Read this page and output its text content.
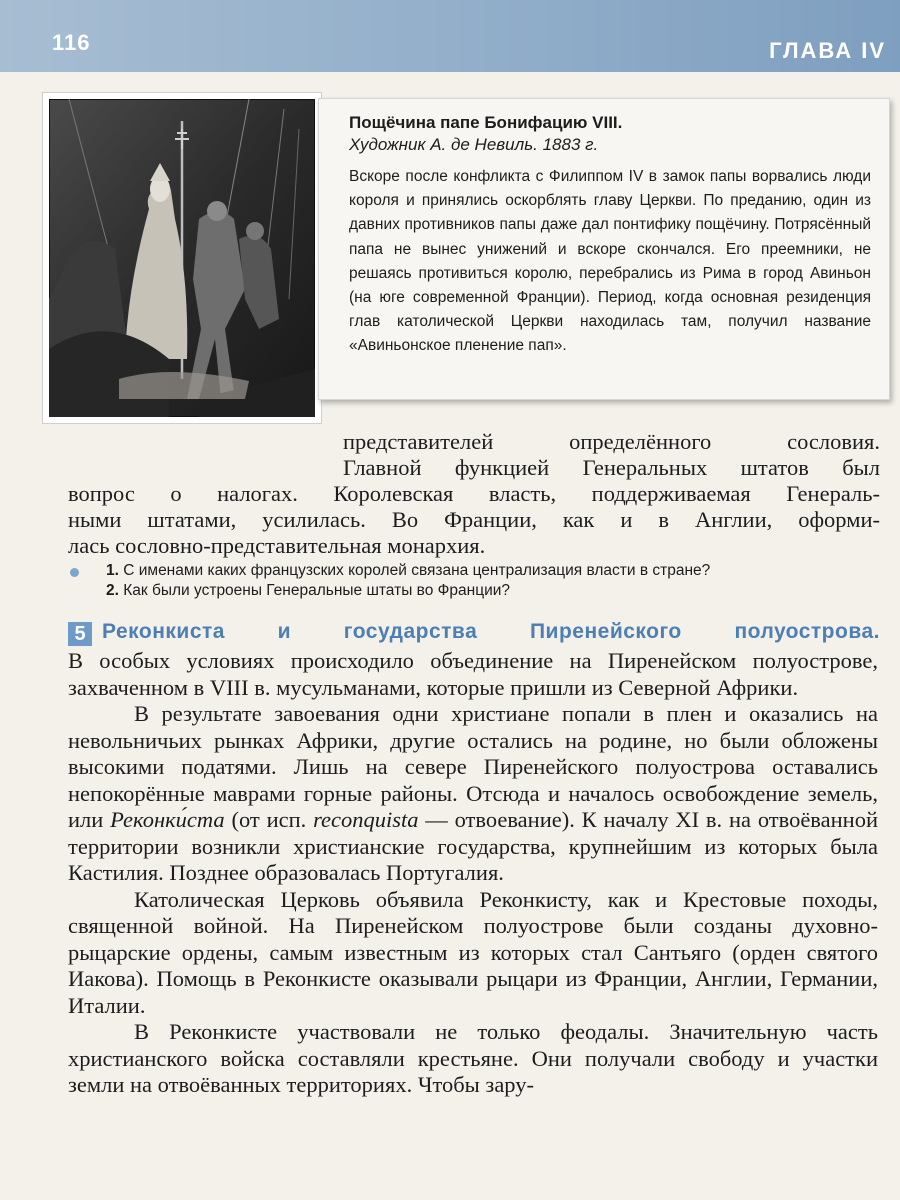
116	ГЛАВА IV
Пощёчина папе Бонифацию VIII.
Художник А. де Невиль. 1883 г.
Вскоре после конфликта с Филиппом IV в замок папы ворвались люди короля и принялись оскорблять главу Церкви. По преданию, один из давних противников папы даже дал понтифику пощёчину. Потрясённый папа не вынес унижений и вскоре скончался. Его преемники, не решаясь противиться королю, перебрались из Рима в город Авиньон (на юге современной Франции). Период, когда основная резиденция глав католической Церкви находилась там, получил название «Авиньонское пленение пап».
представителей определённого сословия.
Главной функцией Генеральных штатов был
вопрос о налогах. Королевская власть, поддерживаемая Генераль-
ными штатами, усилилась. Во Франции, как и в Англии, оформи-
лась сословно-представительная монархия.
1. С именами каких французских королей связана централизация власти в стране?
2. Как были устроены Генеральные штаты во Франции?
5 Реконкиста и государства Пиренейского полуострова.

В особых условиях происходило объединение на Пиренейском полуострове, захваченном в VIII в. мусульманами, которые пришли из Северной Африки.

В результате завоевания одни христиане попали в плен и оказались на невольничьих рынках Африки, другие остались на родине, но были обложены высокими податями. Лишь на севере Пиренейского полуострова оставались непокорённые маврами горные районы. Отсюда и началось освобождение земель, или Реконки́ста (от исп. reconquista — отвоевание). К началу XI в. на отвоёванной территории возникли христианские государства, крупнейшим из которых была Кастилия. Позднее образовалась Португалия.

Католическая Церковь объявила Реконкисту, как и Крестовые походы, священной войной. На Пиренейском полуострове были созданы духовно-рыцарские ордены, самым известным из которых стал Сантьяго (орден святого Иакова). Помощь в Реконкисте оказывали рыцари из Франции, Англии, Германии, Италии.

В Реконкисте участвовали не только феодалы. Значительную часть христианского войска составляли крестьяне. Они получали свободу и участки земли на отвоёванных территориях. Чтобы зару-
